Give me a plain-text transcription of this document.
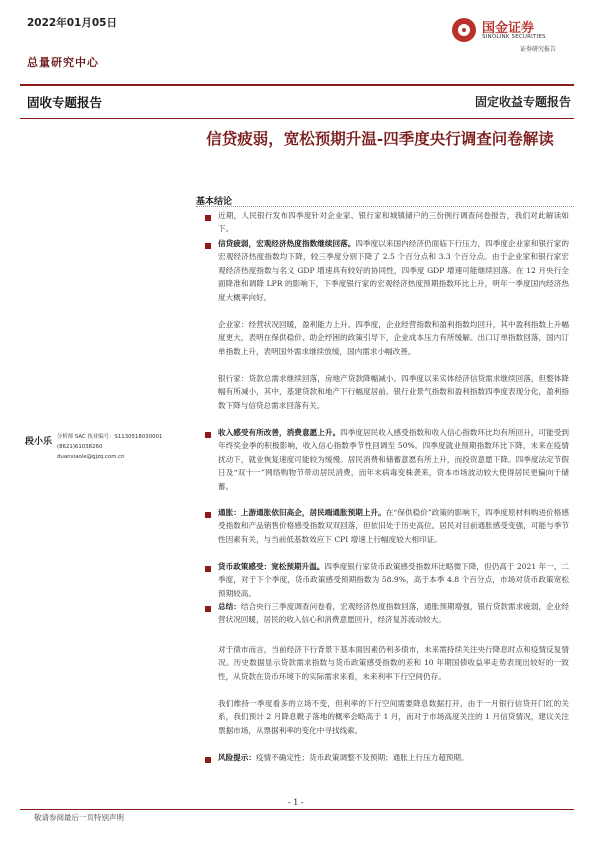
2022年01月05日
总量研究中心
国金证券
SINOLINK SECURITIES
证券研究报告
固收专题报告	固定收益专题报告
信贷疲弱，宽松预期升温-四季度央行调查问卷解读
基本结论
近期，人民银行发布四季度针对企业家、银行家和城镇储户的三份例行调查问卷报告，我们对此解读如下。
信贷疲弱，宏观经济热度指数继续回落。四季度以来国内经济仍面临下行压力，四季度企业家和银行家的宏观经济热度指数均下降，较三季度分别下降了 2.5 个百分点和 3.3 个百分点。由于企业家和银行家宏观经济热度指数与名义 GDP 增速具有较好的协同性，四季度 GDP 增速可能继续回落。在 12 月央行全面降准和调降 LPR 的影响下，下季度银行家的宏观经济热度预期指数环比上升，明年一季度国内经济热度大概率向好。
企业家：经营状况回暖，盈利能力上升。四季度，企业经营指数和盈利指数均回升，其中盈利指数上升幅度更大，表明在保供稳价、助企纾困的政策引导下，企业成本压力有所缓解。出口订单指数回落，国内订单指数上升，表明国外需求继续放缓，国内需求小幅改善。
银行家：贷款总需求继续回落，房地产贷款降幅减小。四季度以来实体经济信贷需求继续回落，但整体降幅有所减小，其中，基建贷款和地产下行幅度居前。银行业景气指数和盈利指数四季度表现分化，盈利指数下降与信贷总需求回落有关。
收入感受有所改善，消费意愿上升。四季度居民收入感受指数和收入信心指数环比均有所回升，可能受到年终奖金季的积极影响，收入信心指数季节性回调至 50%。四季度就业预期指数环比下降，未来在疫情扰动下，就业恢复速度可能较为缓慢。居民消费和储蓄意愿有所上升，而投资意愿下降。四季度法定节假日及“双十一”网络购物节带动居民消费，而年末病毒变株袭来，资本市场波动较大使得居民更偏向于储蓄。
通胀：上游通胀依旧高企，居民端通胀预期上升。在“保供稳价”政策的影响下，四季度原材料购进价格感受指数和产品销售价格感受指数双双回落，但依旧处于历史高位。居民对目前通胀感受变强，可能与季节性因素有关，与当前低基数效应下 CPI 增速上行幅度较大相印证。
货币政策感受：宽松预期升温。四季度银行家货币政策感受指数环比略微下降，但仍高于 2021 年一、二季度，对于下个季度，货币政策感受预期指数为 58.9%，高于本季 4.8 个百分点，市场对货币政策宽松预期较高。
总结：结合央行三季度调查问卷看，宏观经济热度指数回落，通胀预期增强，银行贷款需求疲弱，企业经营状况回暖，居民的收入信心和消费意愿回升，经济复苏流动较大。
对于债市而言，当前经济下行背景下基本面因素仍利多债市，未来需持续关注央行降息时点和疫情反复情况。历史数据显示贷款需求指数与货币政策感受指数的差和 10 年期国债收益率走势表现出较好的一致性，从贷款在货币环境下的实际需求来看，未来利率下行空间仍存。
我们维持一季度看多的立场不变，但利率的下行空间需要降息数据打开，由于一月银行信贷开门红的关系，我们预计 2 月降息靴子落地的概率会略高于 1 月，而对于市场高度关注的 1 月信贷情况，建议关注票据市场，从票据利率的变化中寻找线索。
风险提示：疫情不确定性；货币政策调整不及预期；通胀上行压力超预期。
段小乐 分析师 SAC 执业编号：S1130518030001
(8621)61038260
duanxiaole@gjzq.com.cn
- 1 -
敬请参阅最后一页特别声明
